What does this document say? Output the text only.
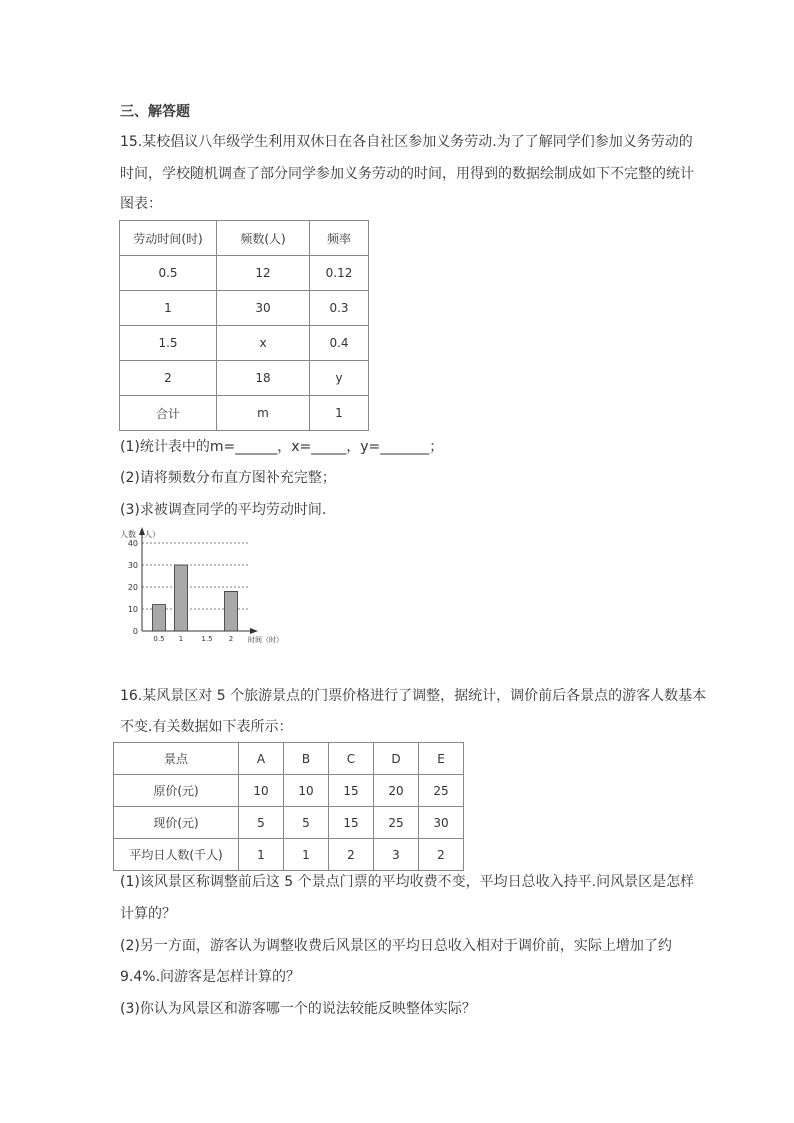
三、解答题
15.某校倡议八年级学生利用双休日在各自社区参加义务劳动.为了了解同学们参加义务劳动的
时间，学校随机调查了部分同学参加义务劳动的时间，用得到的数据绘制成如下不完整的统计
图表：
劳动时间(时)	频数(人)	频率
0.5	12	0.12
1	30	0.3
1.5	x	0.4
2	18	y
合计	m	1
(1)统计表中的m=______，x=_____，y=_______；
(2)请将频数分布直方图补充完整；
(3)求被调查同学的平均劳动时间.
0
10
20
30
40
0.5 1	1.5 2
人数（人）
时间（时）
16.某风景区对 5 个旅游景点的门票价格进行了调整，据统计，调价前后各景点的游客人数基本
不变.有关数据如下表所示：
景点	A	B	C	D	E
原价(元)	10	10	15	20	25
现价(元)	5	5	15	25	30
平均日人数(千人)	1	1	2	3	2
(1)该风景区称调整前后这 5 个景点门票的平均收费不变，平均日总收入持平.问风景区是怎样
计算的？
(2)另一方面，游客认为调整收费后风景区的平均日总收入相对于调价前，实际上增加了约
9.4%.问游客是怎样计算的？
(3)你认为风景区和游客哪一个的说法较能反映整体实际？
